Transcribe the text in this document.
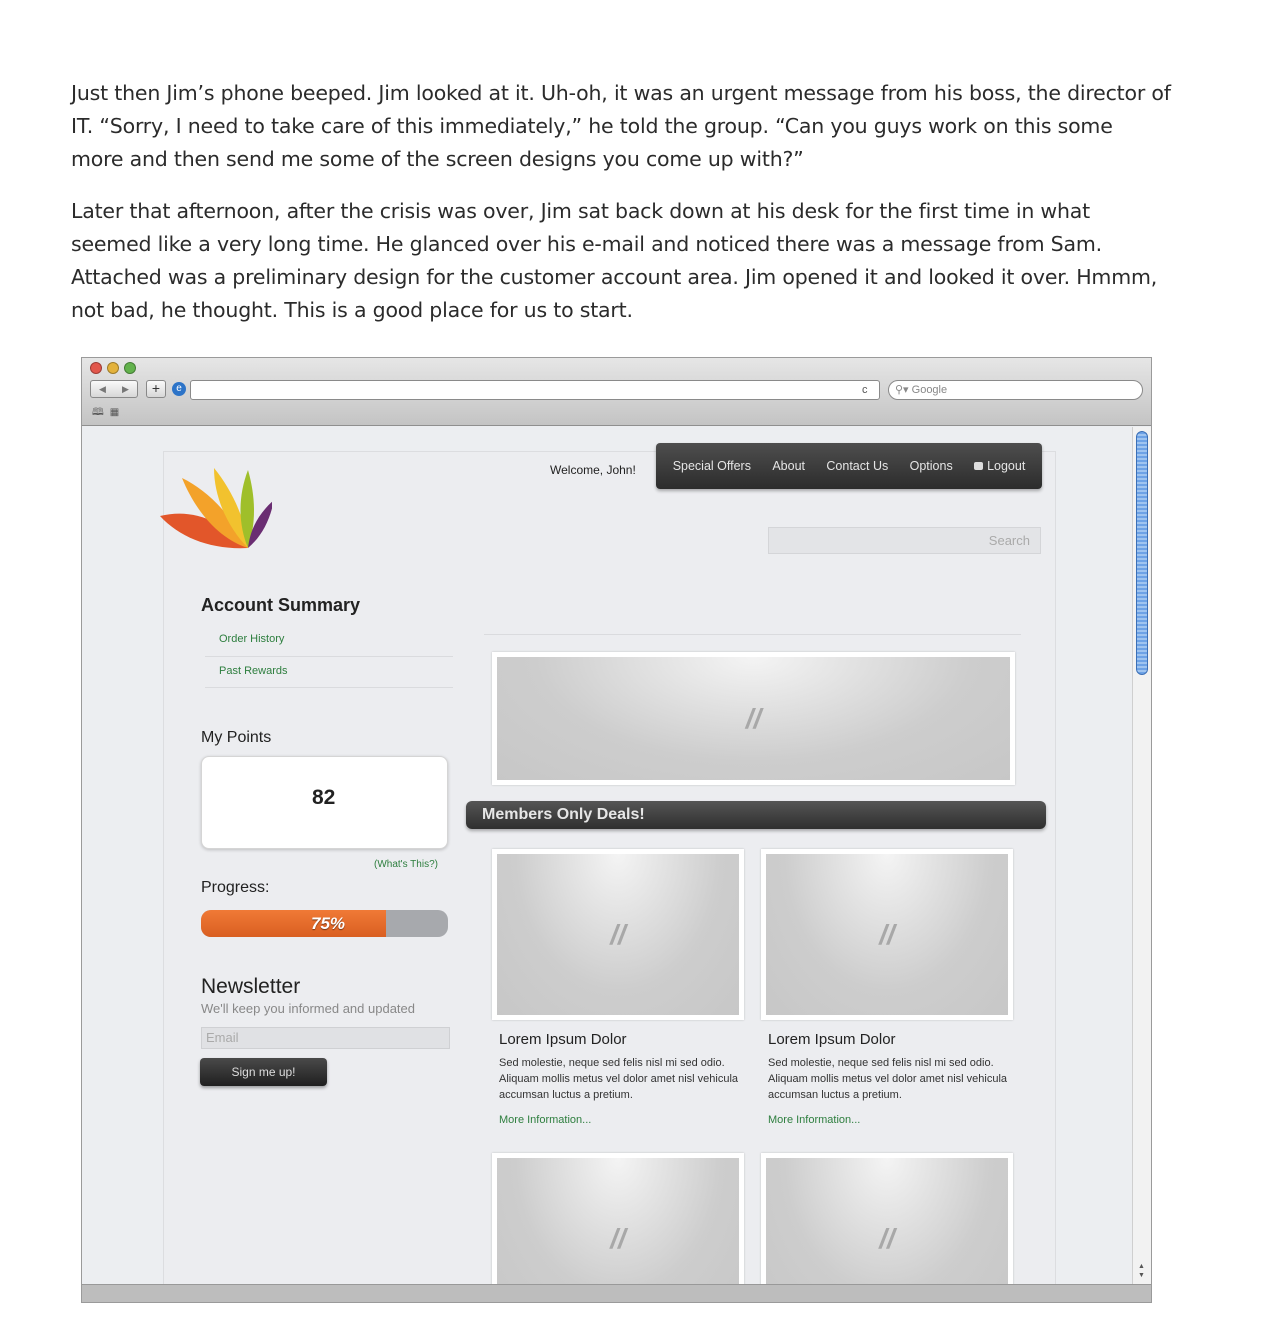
Just then Jim’s phone beeped. Jim looked at it. Uh-oh, it was an urgent message from his boss, the director of IT. “Sorry, I need to take care of this immediately,” he told the group. “Can you guys work on this some more and then send me some of the screen designs you come up with?”

Later that afternoon, after the crisis was over, Jim sat back down at his desk for the first time in what seemed like a very long time. He glanced over his e-mail and noticed there was a message from Sam. Attached was a preliminary design for the customer account area. Jim opened it and looked it over. Hmmm, not bad, he thought. This is a good place for us to start.

◀ ▶	+	e	c	⚲▾ Google
🕮▦
Welcome, John!	Special Offers About Contact Us Options	Logout
Search
Account Summary
Order History
Past Rewards
My Points
82
(What's This?)
Progress:
75%
Newsletter
We'll keep you informed and updated
Email
Sign me up!
//
Members Only Deals!
//	//
Lorem Ipsum Dolor
Sed molestie, neque sed felis nisl mi sed odio. Aliquam mollis metus vel dolor amet nisl vehicula accumsan luctus a pretium.
More Information...
Lorem Ipsum Dolor
Sed molestie, neque sed felis nisl mi sed odio. Aliquam mollis metus vel dolor amet nisl vehicula accumsan luctus a pretium.
More Information...
//	//
▲
▼
